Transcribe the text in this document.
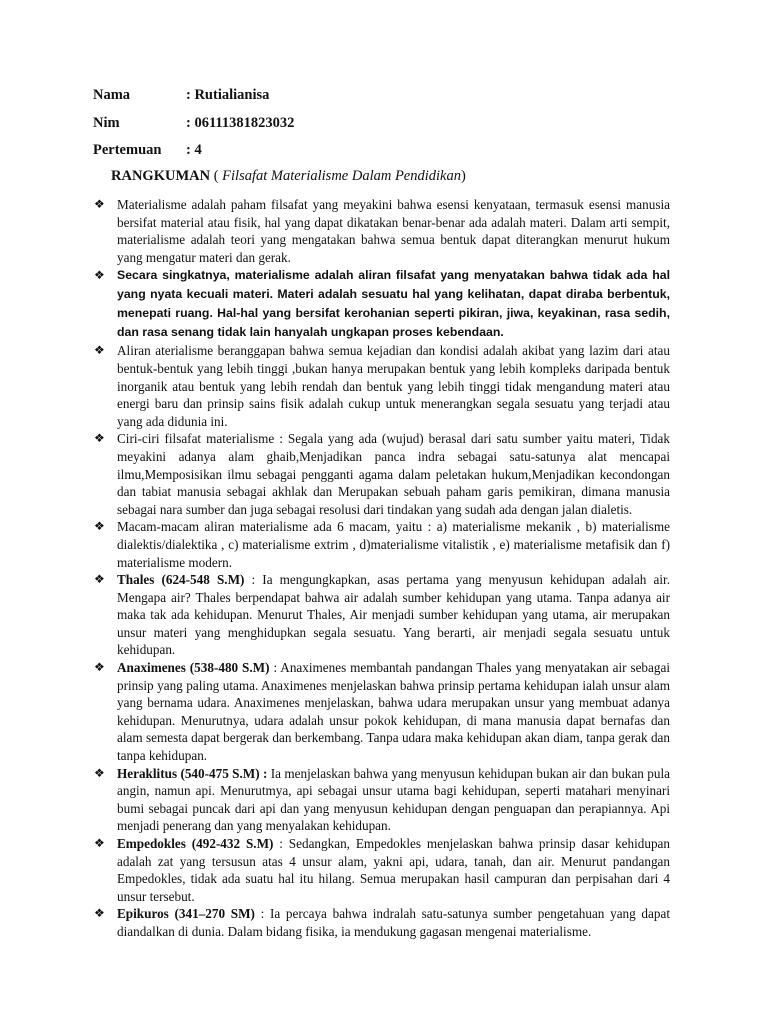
Nama	: Rutialianisa
Nim	: 06111381823032
Pertemuan : 4
RANGKUMAN ( Filsafat Materialisme Dalam Pendidikan)
❖ Materialisme adalah paham filsafat yang meyakini bahwa esensi kenyataan, termasuk esensi manusia bersifat material atau fisik, hal yang dapat dikatakan benar-benar ada adalah materi. Dalam arti sempit, materialisme adalah teori yang mengatakan bahwa semua bentuk dapat diterangkan menurut hukum yang mengatur materi dan gerak.
❖ Secara singkatnya, materialisme adalah aliran filsafat yang menyatakan bahwa tidak ada hal yang nyata kecuali materi. Materi adalah sesuatu hal yang kelihatan, dapat diraba berbentuk, menepati ruang. Hal-hal yang bersifat kerohanian seperti pikiran, jiwa, keyakinan, rasa sedih, dan rasa senang tidak lain hanyalah ungkapan proses kebendaan.
❖ Aliran aterialisme beranggapan bahwa semua kejadian dan kondisi adalah akibat yang lazim dari atau bentuk-bentuk yang lebih tinggi ,bukan hanya merupakan bentuk yang lebih kompleks daripada bentuk inorganik atau bentuk yang lebih rendah dan bentuk yang lebih tinggi tidak mengandung materi atau energi baru dan prinsip sains fisik adalah cukup untuk menerangkan segala sesuatu yang terjadi atau yang ada didunia ini.
❖ Ciri-ciri filsafat materialisme : Segala yang ada (wujud) berasal dari satu sumber yaitu materi, Tidak meyakini adanya alam ghaib,Menjadikan panca indra sebagai satu-satunya alat mencapai ilmu,Memposisikan ilmu sebagai pengganti agama dalam peletakan hukum,Menjadikan kecondongan dan tabiat manusia sebagai akhlak dan Merupakan sebuah paham garis pemikiran, dimana manusia sebagai nara sumber dan juga sebagai resolusi dari tindakan yang sudah ada dengan jalan dialetis.
❖ Macam-macam aliran materialisme ada 6 macam, yaitu : a) materialisme mekanik , b) materialisme dialektis/dialektika , c) materialisme extrim , d)materialisme vitalistik , e) materialisme metafisik dan f) materialisme modern.
❖ Thales (624-548 S.M) : Ia mengungkapkan, asas pertama yang menyusun kehidupan adalah air. Mengapa air? Thales berpendapat bahwa air adalah sumber kehidupan yang utama. Tanpa adanya air maka tak ada kehidupan. Menurut Thales, Air menjadi sumber kehidupan yang utama, air merupakan unsur materi yang menghidupkan segala sesuatu. Yang berarti, air menjadi segala sesuatu untuk kehidupan.
❖ Anaximenes (538-480 S.M) : Anaximenes membantah pandangan Thales yang menyatakan air sebagai prinsip yang paling utama. Anaximenes menjelaskan bahwa prinsip pertama kehidupan ialah unsur alam yang bernama udara. Anaximenes menjelaskan, bahwa udara merupakan unsur yang membuat adanya kehidupan. Menurutnya, udara adalah unsur pokok kehidupan, di mana manusia dapat bernafas dan alam semesta dapat bergerak dan berkembang. Tanpa udara maka kehidupan akan diam, tanpa gerak dan tanpa kehidupan.
❖ Heraklitus (540-475 S.M) : Ia menjelaskan bahwa yang menyusun kehidupan bukan air dan bukan pula angin, namun api. Menurutmya, api sebagai unsur utama bagi kehidupan, seperti matahari menyinari bumi sebagai puncak dari api dan yang menyusun kehidupan dengan penguapan dan perapiannya. Api menjadi penerang dan yang menyalakan kehidupan.
❖ Empedokles (492-432 S.M) : Sedangkan, Empedokles menjelaskan bahwa prinsip dasar kehidupan adalah zat yang tersusun atas 4 unsur alam, yakni api, udara, tanah, dan air. Menurut pandangan Empedokles, tidak ada suatu hal itu hilang. Semua merupakan hasil campuran dan perpisahan dari 4 unsur tersebut.
❖ Epikuros (341–270 SM) : Ia percaya bahwa indralah satu-satunya sumber pengetahuan yang dapat diandalkan di dunia. Dalam bidang fisika, ia mendukung gagasan mengenai materialisme.
